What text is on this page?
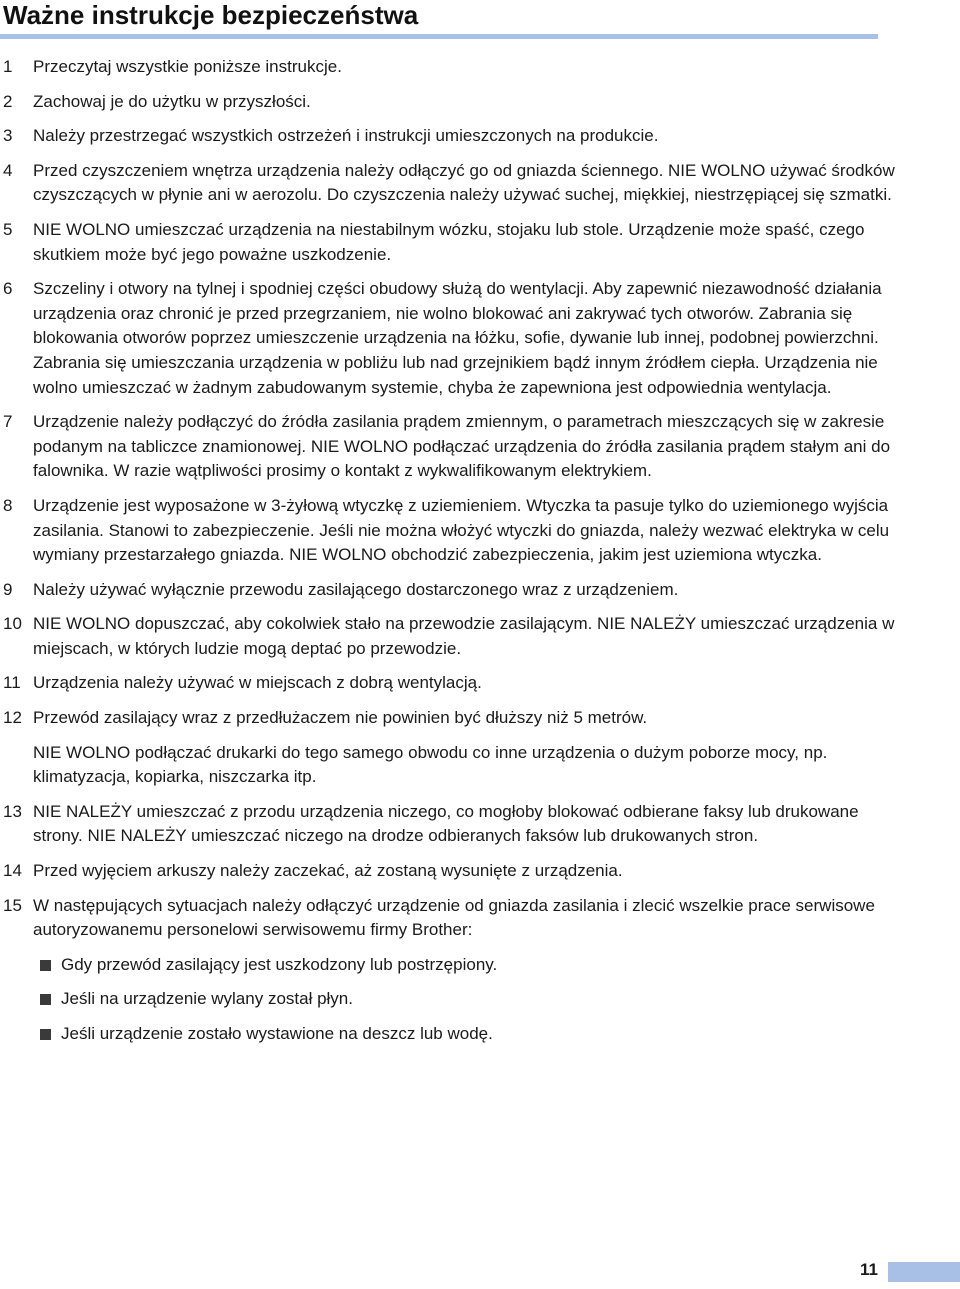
Ważne instrukcje bezpieczeństwa
1 Przeczytaj wszystkie poniższe instrukcje.

2 Zachowaj je do użytku w przyszłości.

3 Należy przestrzegać wszystkich ostrzeżeń i instrukcji umieszczonych na produkcie.

4 Przed czyszczeniem wnętrza urządzenia należy odłączyć go od gniazda ściennego. NIE WOLNO używać środków czyszczących w płynie ani w aerozolu. Do czyszczenia należy używać suchej, miękkiej, niestrzępiącej się szmatki.

5 NIE WOLNO umieszczać urządzenia na niestabilnym wózku, stojaku lub stole. Urządzenie może spaść, czego skutkiem może być jego poważne uszkodzenie.

6 Szczeliny i otwory na tylnej i spodniej części obudowy służą do wentylacji. Aby zapewnić niezawodność działania urządzenia oraz chronić je przed przegrzaniem, nie wolno blokować ani zakrywać tych otworów. Zabrania się blokowania otworów poprzez umieszczenie urządzenia na łóżku, sofie, dywanie lub innej, podobnej powierzchni. Zabrania się umieszczania urządzenia w pobliżu lub nad grzejnikiem bądź innym źródłem ciepła. Urządzenia nie wolno umieszczać w żadnym zabudowanym systemie, chyba że zapewniona jest odpowiednia wentylacja.

7 Urządzenie należy podłączyć do źródła zasilania prądem zmiennym, o parametrach mieszczących się w zakresie podanym na tabliczce znamionowej. NIE WOLNO podłączać urządzenia do źródła zasilania prądem stałym ani do falownika. W razie wątpliwości prosimy o kontakt z wykwalifikowanym elektrykiem.

8 Urządzenie jest wyposażone w 3-żyłową wtyczkę z uziemieniem. Wtyczka ta pasuje tylko do uziemionego wyjścia zasilania. Stanowi to zabezpieczenie. Jeśli nie można włożyć wtyczki do gniazda, należy wezwać elektryka w celu wymiany przestarzałego gniazda. NIE WOLNO obchodzić zabezpieczenia, jakim jest uziemiona wtyczka.

9 Należy używać wyłącznie przewodu zasilającego dostarczonego wraz z urządzeniem.

10 NIE WOLNO dopuszczać, aby cokolwiek stało na przewodzie zasilającym. NIE NALEŻY umieszczać urządzenia w miejscach, w których ludzie mogą deptać po przewodzie.

11 Urządzenia należy używać w miejscach z dobrą wentylacją.

12 Przewód zasilający wraz z przedłużaczem nie powinien być dłuższy niż 5 metrów.

NIE WOLNO podłączać drukarki do tego samego obwodu co inne urządzenia o dużym poborze mocy, np. klimatyzacja, kopiarka, niszczarka itp.

13 NIE NALEŻY umieszczać z przodu urządzenia niczego, co mogłoby blokować odbierane faksy lub drukowane strony. NIE NALEŻY umieszczać niczego na drodze odbieranych faksów lub drukowanych stron.

14 Przed wyjęciem arkuszy należy zaczekać, aż zostaną wysunięte z urządzenia.

15 W następujących sytuacjach należy odłączyć urządzenie od gniazda zasilania i zlecić wszelkie prace serwisowe autoryzowanemu personelowi serwisowemu firmy Brother:

Gdy przewód zasilający jest uszkodzony lub postrzępiony.
Jeśli na urządzenie wylany został płyn.
Jeśli urządzenie zostało wystawione na deszcz lub wodę.
11
